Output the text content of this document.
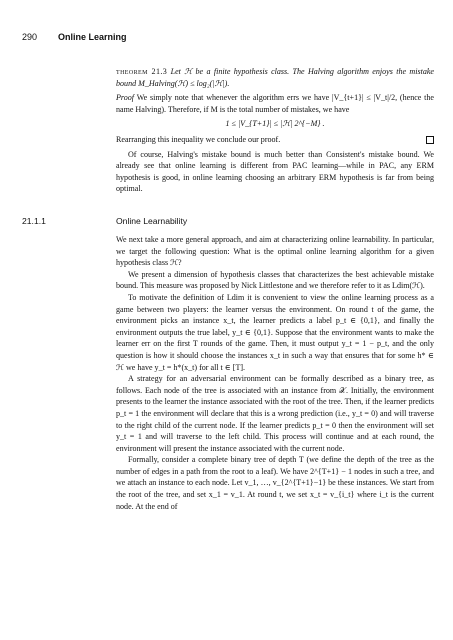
290 Online Learning

theorem 21.3 Let ℋ be a finite hypothesis class. The Halving algorithm enjoys the mistake bound M_Halving(ℋ) ≤ log₂(|ℋ|).

Proof We simply note that whenever the algorithm errs we have |V_{t+1}| ≤ |V_t|/2, (hence the name Halving). Therefore, if M is the total number of mistakes, we have

1 ≤ |V_{T+1}| ≤ |ℋ| 2^{−M} .

Rearranging this inequality we conclude our proof.

Of course, Halving's mistake bound is much better than Consistent's mistake bound. We already see that online learning is different from PAC learning—while in PAC, any ERM hypothesis is good, in online learning choosing an arbitrary ERM hypothesis is far from being optimal.

21.1.1	Online Learnability

We next take a more general approach, and aim at characterizing online learnability. In particular, we target the following question: What is the optimal online learning algorithm for a given hypothesis class ℋ?

We present a dimension of hypothesis classes that characterizes the best achievable mistake bound. This measure was proposed by Nick Littlestone and we therefore refer to it as Ldim(ℋ).

To motivate the definition of Ldim it is convenient to view the online learning process as a game between two players: the learner versus the environment. On round t of the game, the environment picks an instance x_t, the learner predicts a label p_t ∈ {0,1}, and finally the environment outputs the true label, y_t ∈ {0,1}. Suppose that the environment wants to make the learner err on the first T rounds of the game. Then, it must output y_t = 1 − p_t, and the only question is how it should choose the instances x_t in such a way that ensures that for some h* ∈ ℋ we have y_t = h*(x_t) for all t ∈ [T].

A strategy for an adversarial environment can be formally described as a binary tree, as follows. Each node of the tree is associated with an instance from 𝒳. Initially, the environment presents to the learner the instance associated with the root of the tree. Then, if the learner predicts p_t = 1 the environment will declare that this is a wrong prediction (i.e., y_t = 0) and will traverse to the right child of the current node. If the learner predicts p_t = 0 then the environment will set y_t = 1 and will traverse to the left child. This process will continue and at each round, the environment will present the instance associated with the current node.

Formally, consider a complete binary tree of depth T (we define the depth of the tree as the number of edges in a path from the root to a leaf). We have 2^{T+1} − 1 nodes in such a tree, and we attach an instance to each node. Let v_1, …, v_{2^{T+1}−1} be these instances. We start from the root of the tree, and set x_1 = v_1. At round t, we set x_t = v_{i_t} where i_t is the current node. At the end of
